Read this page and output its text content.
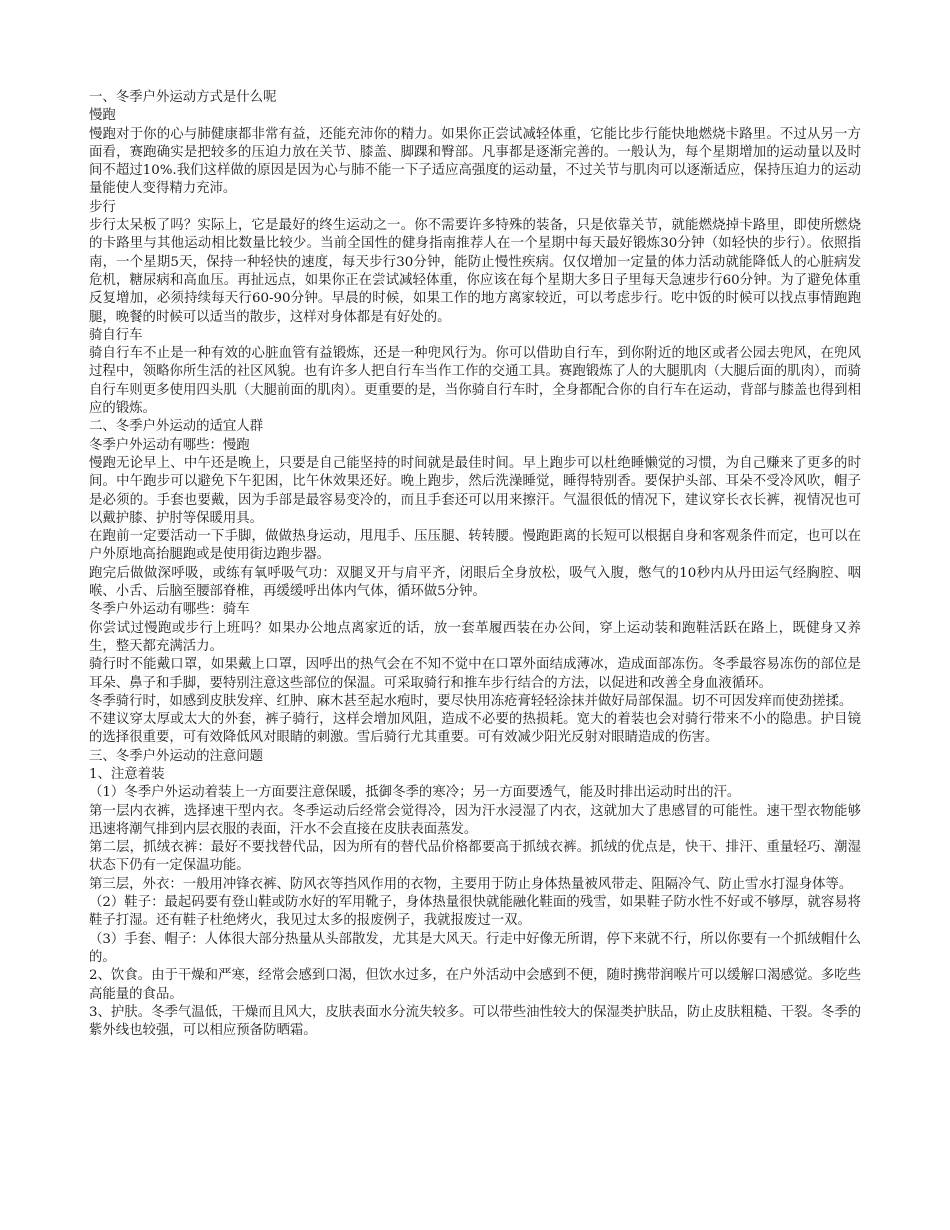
一、冬季户外运动方式是什么呢

慢跑

慢跑对于你的心与肺健康都非常有益，还能充沛你的精力。如果你正尝试减轻体重，它能比步行能快地燃烧卡路里。不过从另一方面看，赛跑确实是把较多的压迫力放在关节、膝盖、脚踝和臀部。凡事都是逐渐完善的。一般认为，每个星期增加的运动量以及时间不超过10%.我们这样做的原因是因为心与肺不能一下子适应高强度的运动量，不过关节与肌肉可以逐渐适应，保持压迫力的运动量能使人变得精力充沛。

步行

步行太呆板了吗？实际上，它是最好的终生运动之一。你不需要许多特殊的装备，只是依靠关节，就能燃烧掉卡路里，即使所燃烧的卡路里与其他运动相比数量比较少。当前全国性的健身指南推荐人在一个星期中每天最好锻炼30分钟（如轻快的步行）。依照指南，一个星期5天，保持一种轻快的速度，每天步行30分钟，能防止慢性疾病。仅仅增加一定量的体力活动就能降低人的心脏病发危机，糖尿病和高血压。再扯远点，如果你正在尝试减轻体重，你应该在每个星期大多日子里每天急速步行60分钟。为了避免体重反复增加，必须持续每天行60-90分钟。早晨的时候，如果工作的地方离家较近，可以考虑步行。吃中饭的时候可以找点事情跑跑腿，晚餐的时候可以适当的散步，这样对身体都是有好处的。

骑自行车

骑自行车不止是一种有效的心脏血管有益锻炼，还是一种兜风行为。你可以借助自行车，到你附近的地区或者公园去兜风，在兜风过程中，领略你所生活的社区风貌。也有许多人把自行车当作工作的交通工具。赛跑锻炼了人的大腿肌肉（大腿后面的肌肉），而骑自行车则更多使用四头肌（大腿前面的肌肉）。更重要的是，当你骑自行车时，全身都配合你的自行车在运动，背部与膝盖也得到相应的锻炼。

二、冬季户外运动的适宜人群

冬季户外运动有哪些：慢跑

慢跑无论早上、中午还是晚上，只要是自己能坚持的时间就是最佳时间。早上跑步可以杜绝睡懒觉的习惯，为自己赚来了更多的时间。中午跑步可以避免下午犯困，比午休效果还好。晚上跑步，然后洗澡睡觉，睡得特别香。要保护头部、耳朵不受冷风吹，帽子是必须的。手套也要戴，因为手部是最容易变冷的，而且手套还可以用来擦汗。气温很低的情况下，建议穿长衣长裤，视情况也可以戴护膝、护肘等保暖用具。

在跑前一定要活动一下手脚，做做热身运动，甩甩手、压压腿、转转腰。慢跑距离的长短可以根据自身和客观条件而定，也可以在户外原地高抬腿跑或是使用街边跑步器。

跑完后做做深呼吸，或练有氧呼吸气功：双腿叉开与肩平齐，闭眼后全身放松，吸气入腹，憋气的10秒内从丹田运气经胸腔、咽喉、小舌、后脑至腰部脊椎，再缓缓呼出体内气体，循环做5分钟。

冬季户外运动有哪些：骑车

你尝试过慢跑或步行上班吗？如果办公地点离家近的话，放一套革履西装在办公间，穿上运动装和跑鞋活跃在路上，既健身又养生，整天都充满活力。

骑行时不能戴口罩，如果戴上口罩，因呼出的热气会在不知不觉中在口罩外面结成薄冰，造成面部冻伤。冬季最容易冻伤的部位是耳朵、鼻子和手脚，要特别注意这些部位的保温。可采取骑行和推车步行结合的方法，以促进和改善全身血液循环。

冬季骑行时，如感到皮肤发痒、红肿、麻木甚至起水疱时，要尽快用冻疮膏轻轻涂抹并做好局部保温。切不可因发痒而使劲搓揉。

不建议穿太厚或太大的外套，裤子骑行，这样会增加风阻，造成不必要的热损耗。宽大的着装也会对骑行带来不小的隐患。护目镜的选择很重要，可有效降低风对眼睛的刺激。雪后骑行尤其重要。可有效减少阳光反射对眼睛造成的伤害。

三、冬季户外运动的注意问题

1、注意着装

（1）冬季户外运动着装上一方面要注意保暖，抵御冬季的寒冷；另一方面要透气，能及时排出运动时出的汗。

第一层内衣裤，选择速干型内衣。冬季运动后经常会觉得冷，因为汗水浸湿了内衣，这就加大了患感冒的可能性。速干型衣物能够迅速将潮气排到内层衣服的表面，汗水不会直接在皮肤表面蒸发。

第二层，抓绒衣裤：最好不要找替代品，因为所有的替代品价格都要高于抓绒衣裤。抓绒的优点是，快干、排汗、重量轻巧、潮湿状态下仍有一定保温功能。

第三层，外衣：一般用冲锋衣裤、防风衣等挡风作用的衣物，主要用于防止身体热量被风带走、阻隔冷气、防止雪水打湿身体等。

（2）鞋子：最起码要有登山鞋或防水好的军用靴子，身体热量很快就能融化鞋面的残雪，如果鞋子防水性不好或不够厚，就容易将鞋子打湿。还有鞋子杜绝烤火，我见过太多的报废例子，我就报废过一双。

（3）手套、帽子：人体很大部分热量从头部散发，尤其是大风天。行走中好像无所谓，停下来就不行，所以你要有一个抓绒帽什么的。

2、饮食。由于干燥和严寒，经常会感到口渴，但饮水过多，在户外活动中会感到不便，随时携带润喉片可以缓解口渴感觉。多吃些高能量的食品。

3、护肤。冬季气温低，干燥而且风大，皮肤表面水分流失较多。可以带些油性较大的保湿类护肤品，防止皮肤粗糙、干裂。冬季的紫外线也较强，可以相应预备防晒霜。
